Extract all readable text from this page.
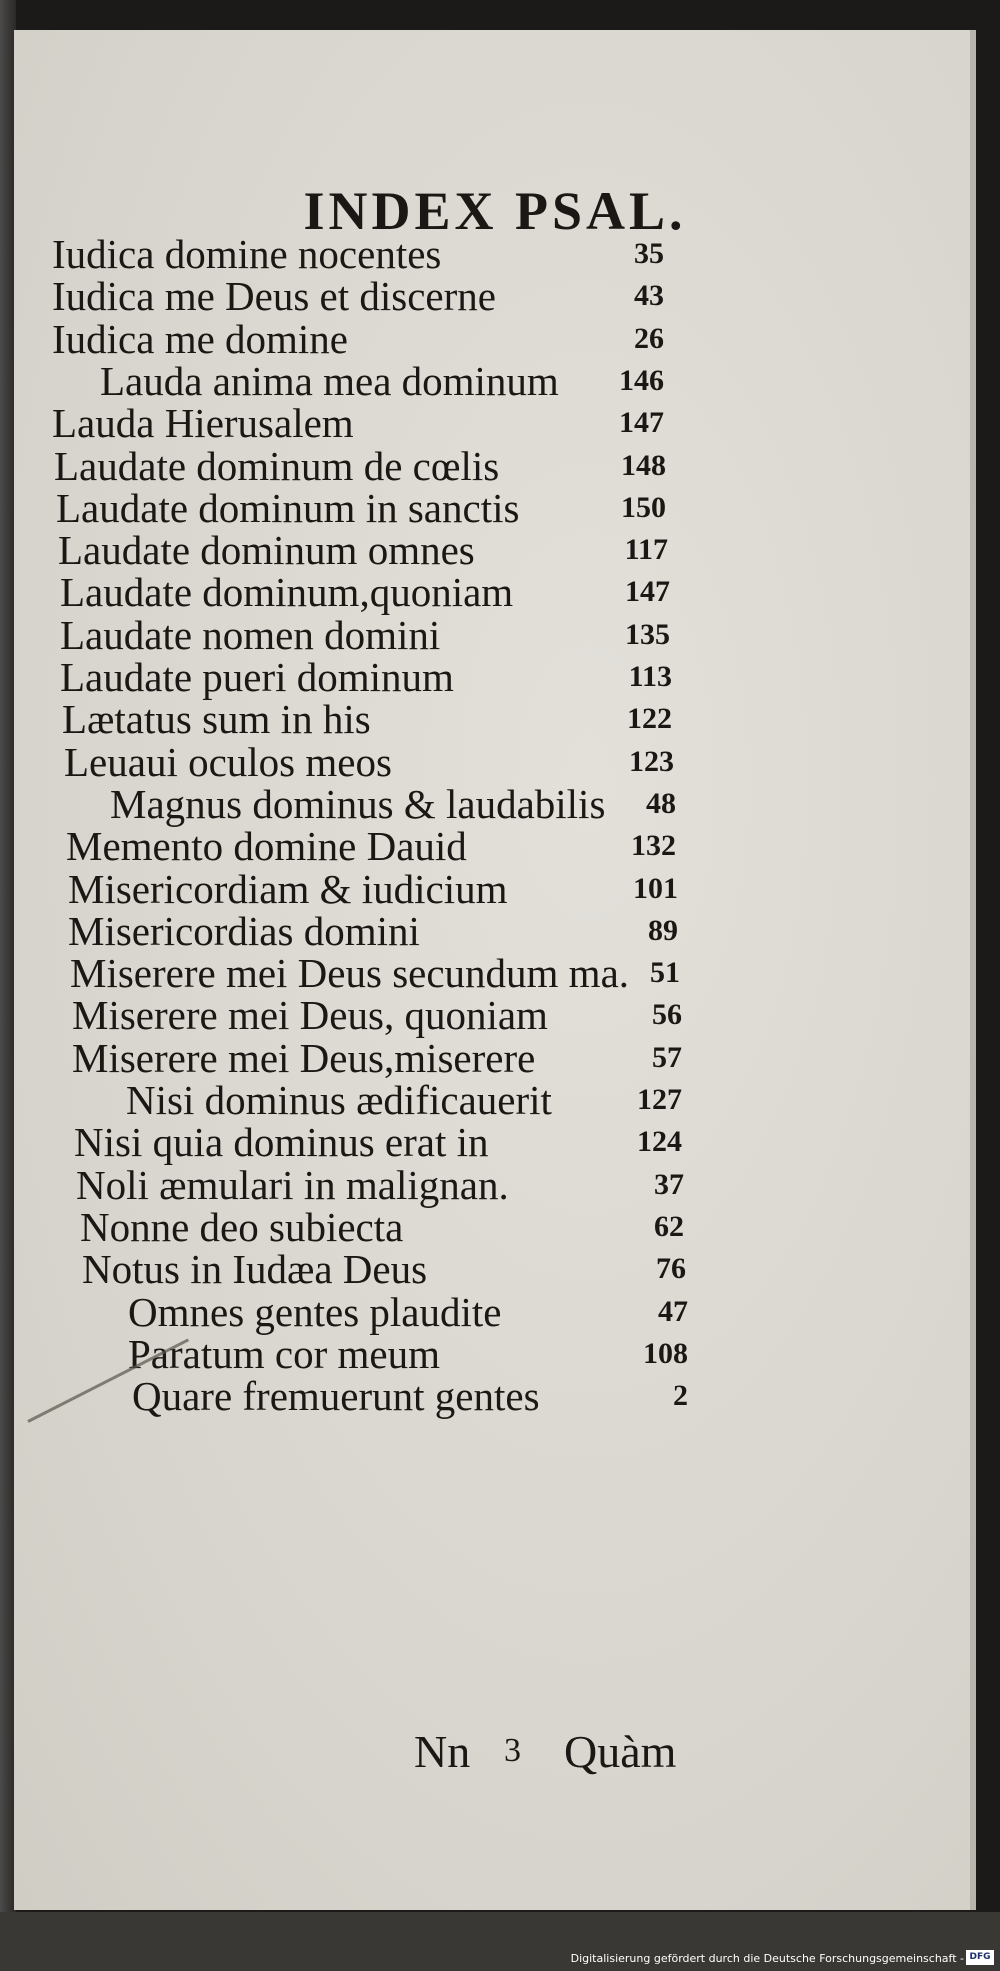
INDEX PSAL.
Iudica domine nocentes	35
Iudica me Deus et discerne	43
Iudica me domine	26
Lauda anima mea dominum	146
Lauda Hierusalem	147
Laudate dominum de cœlis	148
Laudate dominum in sanctis	150
Laudate dominum omnes	117
Laudate dominum,quoniam	147
Laudate nomen domini	135
Laudate pueri dominum	113
Lætatus sum in his	122
Leuaui oculos meos	123
Magnus dominus & laudabilis	48
Memento domine Dauid	132
Misericordiam & iudicium	101
Misericordias domini	89
Miserere mei Deus secundum ma. 51
Miserere mei Deus, quoniam	56
Miserere mei Deus,miserere	57
Nisi dominus ædificauerit	127
Nisi quia dominus erat in	124
Noli æmulari in malignan.	37
Nonne deo subiecta	62
Notus in Iudæa Deus	76
Omnes gentes plaudite	47
Paratum cor meum	108
Quare fremuerunt gentes	2
Nn 3 Quàm
Digitalisierung gefördert durch die Deutsche Forschungsgemeinschaft - DFG
